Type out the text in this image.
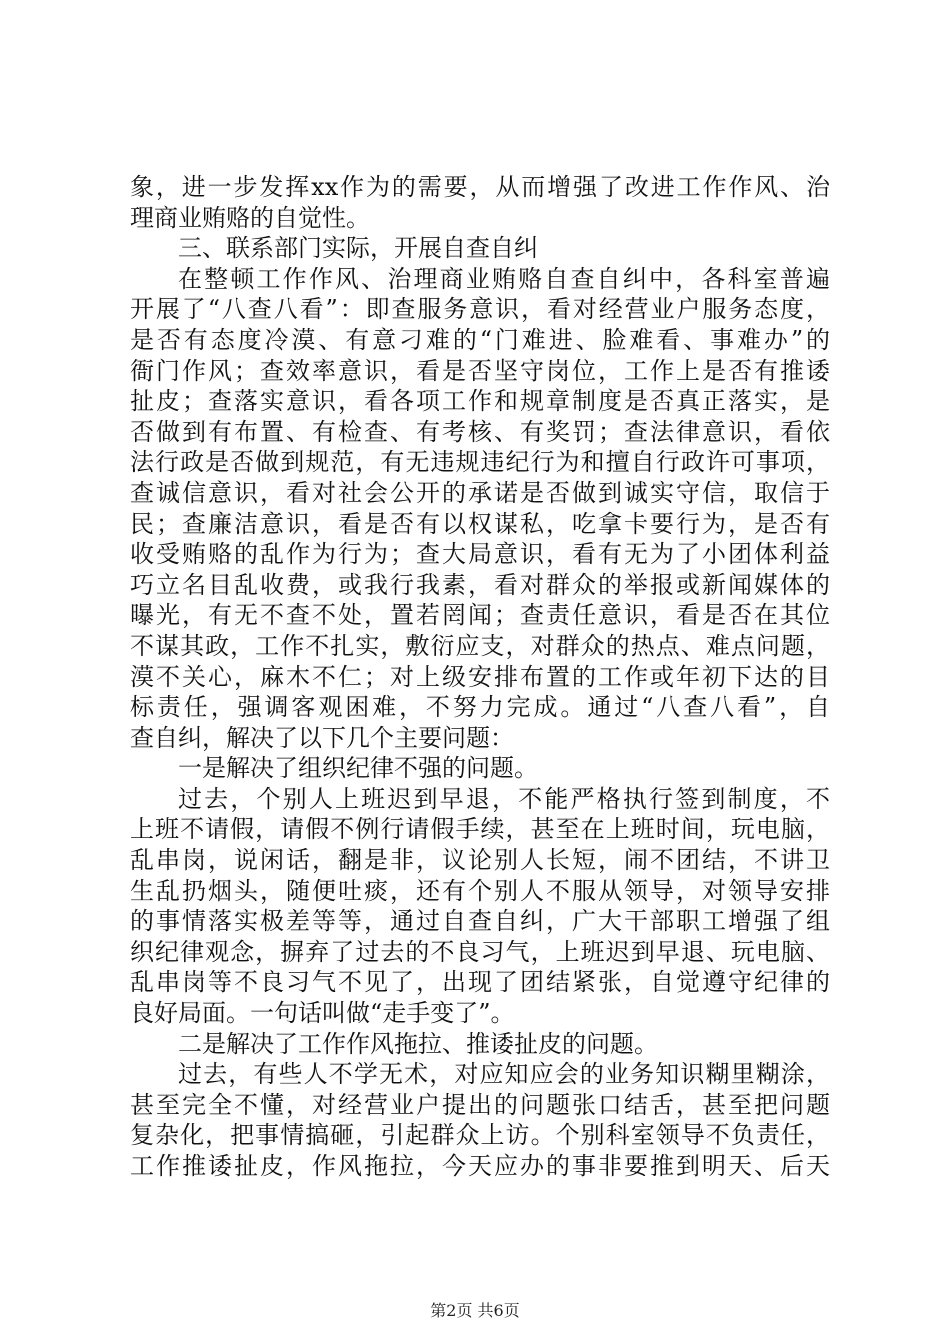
象，进一步发挥xx作为的需要，从而增强了改进工作作风、治
理商业贿赂的自觉性。
三、联系部门实际，开展自查自纠
在整顿工作作风、治理商业贿赂自查自纠中，各科室普遍
开展了“八查八看”：即查服务意识，看对经营业户服务态度，
是否有态度冷漠、有意刁难的“门难进、脸难看、事难办”的
衙门作风；查效率意识，看是否坚守岗位，工作上是否有推诿
扯皮；查落实意识，看各项工作和规章制度是否真正落实，是
否做到有布置、有检查、有考核、有奖罚；查法律意识，看依
法行政是否做到规范，有无违规违纪行为和擅自行政许可事项，
查诚信意识，看对社会公开的承诺是否做到诚实守信，取信于
民；查廉洁意识，看是否有以权谋私，吃拿卡要行为，是否有
收受贿赂的乱作为行为；查大局意识，看有无为了小团体利益
巧立名目乱收费，或我行我素，看对群众的举报或新闻媒体的
曝光，有无不查不处，置若罔闻；查责任意识，看是否在其位
不谋其政，工作不扎实，敷衍应支，对群众的热点、难点问题，
漠不关心，麻木不仁；对上级安排布置的工作或年初下达的目
标责任，强调客观困难，不努力完成。通过“八查八看”，自
查自纠，解决了以下几个主要问题：
一是解决了组织纪律不强的问题。
过去，个别人上班迟到早退，不能严格执行签到制度，不
上班不请假，请假不例行请假手续，甚至在上班时间，玩电脑，
乱串岗，说闲话，翻是非，议论别人长短，闹不团结，不讲卫
生乱扔烟头，随便吐痰，还有个别人不服从领导，对领导安排
的事情落实极差等等，通过自查自纠，广大干部职工增强了组
织纪律观念，摒弃了过去的不良习气，上班迟到早退、玩电脑、
乱串岗等不良习气不见了，出现了团结紧张，自觉遵守纪律的
良好局面。一句话叫做“走手变了”。
二是解决了工作作风拖拉、推诿扯皮的问题。
过去，有些人不学无术，对应知应会的业务知识糊里糊涂，
甚至完全不懂，对经营业户提出的问题张口结舌，甚至把问题
复杂化，把事情搞砸，引起群众上访。个别科室领导不负责任，
工作推诿扯皮，作风拖拉，今天应办的事非要推到明天、后天
第2页 共6页
